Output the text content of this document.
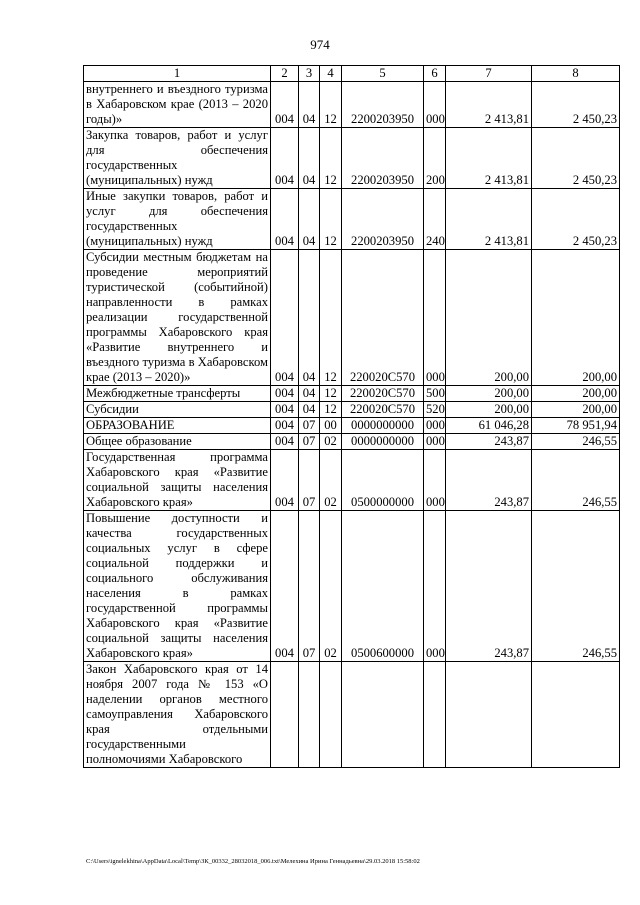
974
1	2	3	4	5	6	7	8
внутреннего и въездного туризма в Хабаровском крае (2013 – 2020 годы)»	004	04	12	2200203950	000	2 413,81	2 450,23
Закупка товаров, работ и услуг для обеспечения государственных (муниципальных) нужд	004	04	12	2200203950	200	2 413,81	2 450,23
Иные закупки товаров, работ и услуг для обеспечения государственных (муниципальных) нужд	004	04	12	2200203950	240	2 413,81	2 450,23
Субсидии местным бюджетам на проведение мероприятий туристической (событийной) направленности в рамках реализации государственной программы Хабаровского края «Развитие внутреннего и въездного туризма в Хабаровском крае (2013 – 2020)»	004	04	12	220020С570	000	200,00	200,00
Межбюджетные трансферты	004	04	12	220020С570	500	200,00	200,00
Субсидии	004	04	12	220020С570	520	200,00	200,00
ОБРАЗОВАНИЕ	004	07	00	0000000000	000	61 046,28	78 951,94
Общее образование	004	07	02	0000000000	000	243,87	246,55
Государственная программа Хабаровского края «Развитие социальной защиты населения Хабаровского края»	004	07	02	0500000000	000	243,87	246,55
Повышение доступности и качества государственных социальных услуг в сфере социальной поддержки и социального обслуживания населения в рамках государственной программы Хабаровского края «Развитие социальной защиты населения Хабаровского края»	004	07	02	0500600000	000	243,87	246,55
Закон Хабаровского края от 14 ноября 2007 года № 153 «О наделении органов местного самоуправления Хабаровского края отдельными государственными полномочиями Хабаровского							
C:\Users\ignelekhina\AppData\Local\Temp\ЗК_00332_28032018_006.txt\Мелехина Ирина Геннадьевна\29.03.2018 15:58:02
